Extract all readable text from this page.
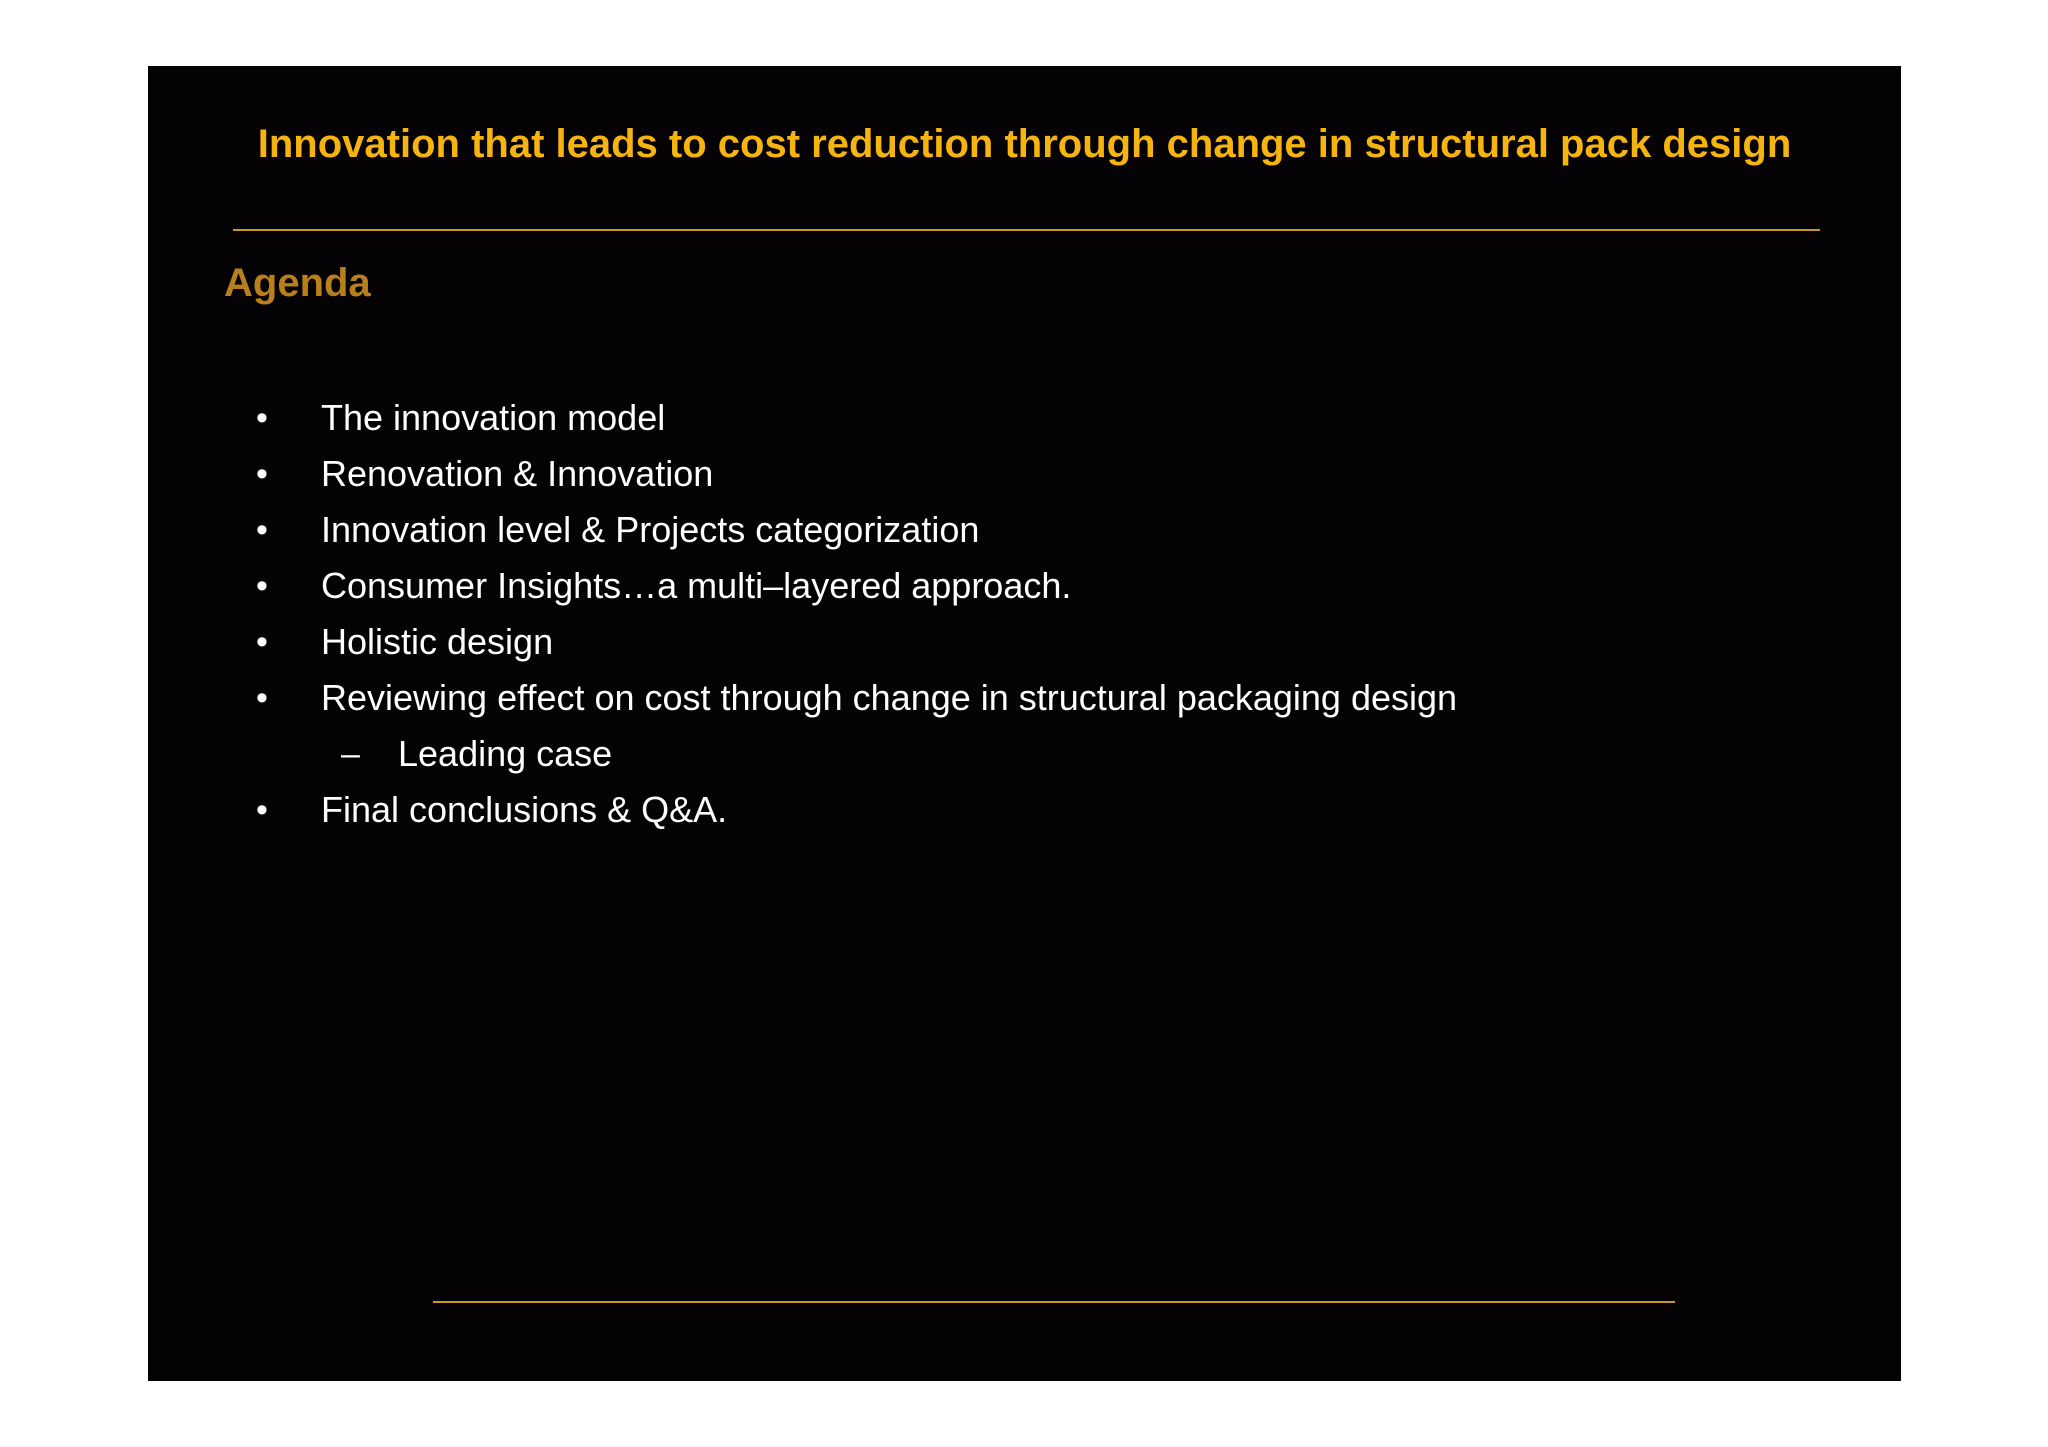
Innovation that leads to cost reduction through change in structural pack design
Agenda
• The innovation model
• Renovation & Innovation
• Innovation level & Projects categorization
• Consumer Insights…a multi–layered approach.
• Holistic design
• Reviewing effect on cost through change in structural packaging design
– Leading case
• Final conclusions & Q&A.
